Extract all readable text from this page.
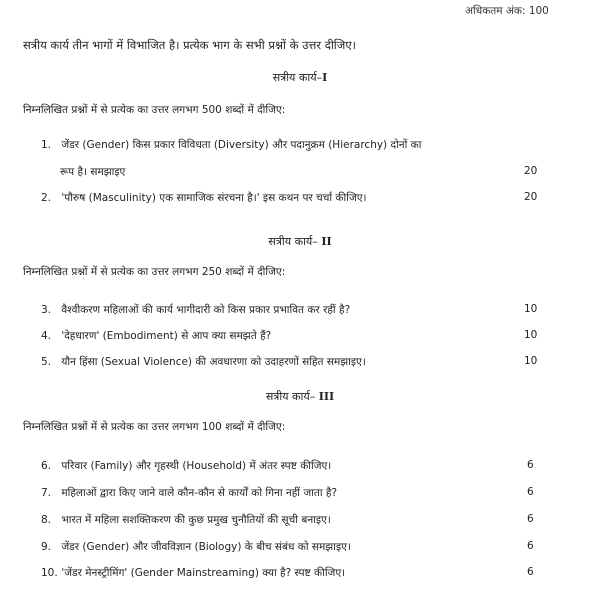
अधिकतम अंक: 100
सत्रीय कार्य तीन भागों में विभाजित है। प्रत्येक भाग के सभी प्रश्नों के उत्तर दीजिए।
सत्रीय कार्य–I
निम्नलिखित प्रश्नों में से प्रत्येक का उत्तर लगभग 500 शब्दों में दीजिए:
1. जेंडर (Gender) किस प्रकार विविधता (Diversity) और पदानुक्रम (Hierarchy) दोनों का
रूप है। समझाइए	20
2. 'पौरुष (Masculinity) एक सामाजिक संरचना है।' इस कथन पर चर्चा कीजिए।	20
सत्रीय कार्य– II
निम्नलिखित प्रश्नों में से प्रत्येक का उत्तर लगभग 250 शब्दों में दीजिए:
3. वैश्वीकरण महिलाओं की कार्य भागीदारी को किस प्रकार प्रभावित कर रहीं है?	10
4. 'देहधारण' (Embodiment) से आप क्या समझते हैं?	10
5. यौन हिंसा (Sexual Violence) की अवधारणा को उदाहरणों सहित समझाइए।	10
सत्रीय कार्य– III
निम्नलिखित प्रश्नों में से प्रत्येक का उत्तर लगभग 100 शब्दों में दीजिए:
6. परिवार (Family) और गृहस्थी (Household) में अंतर स्पष्ट कीजिए।	6
7. महिलाओं द्वारा किए जाने वाले कौन-कौन से कार्यों को गिना नहीं जाता है?	6
8. भारत में महिला सशक्तिकरण की कुछ प्रमुख चुनौतियों की सूची बनाइए।	6
9. जेंडर (Gender) और जीवविज्ञान (Biology) के बीच संबंध को समझाइए।	6
10. 'जेंडर मेनस्ट्रीमिंग' (Gender Mainstreaming) क्या है? स्पष्ट कीजिए।	6
